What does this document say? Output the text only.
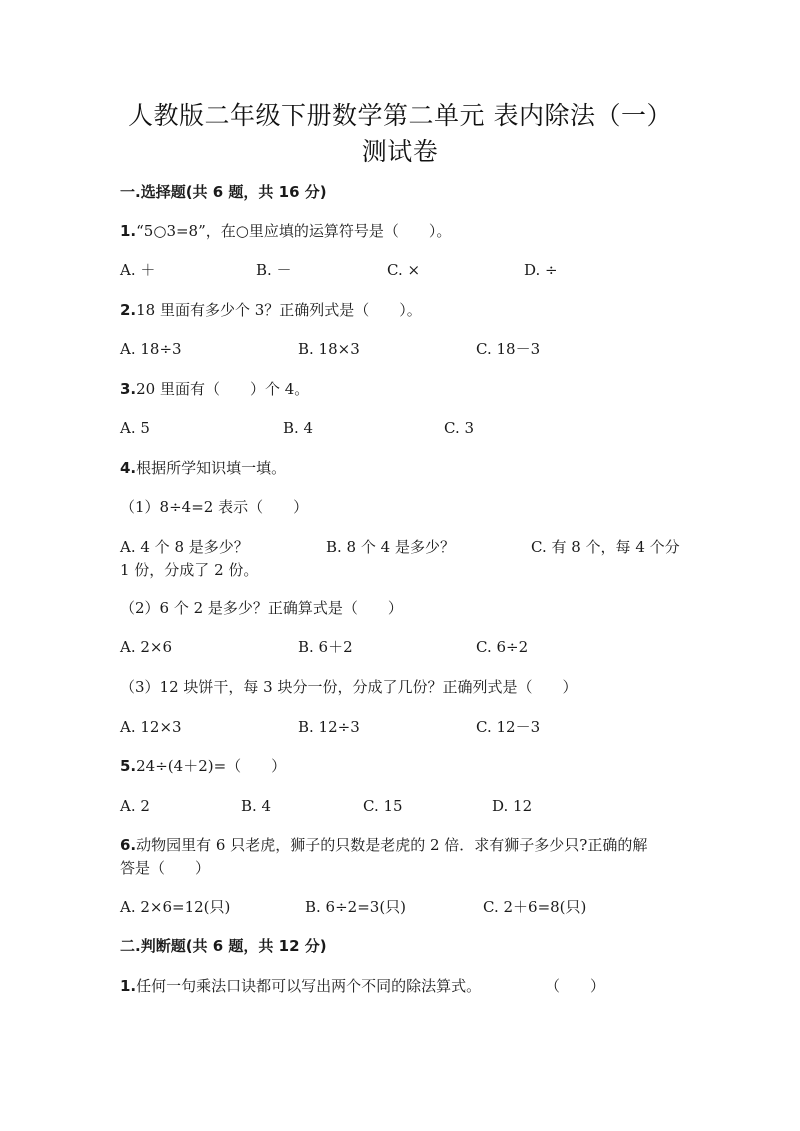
人教版二年级下册数学第二单元 表内除法（一）
测试卷
一.选择题(共 6 题，共 16 分)
1.“5○3=8”，在○里应填的运算符号是（　　）。
A. ＋	B. －	C. ×	D. ÷
2.18 里面有多少个 3？正确列式是（　　）。
A. 18÷3	B. 18×3	C. 18－3
3.20 里面有（　　）个 4。
A. 5	B. 4	C. 3
4.根据所学知识填一填。
（1）8÷4=2 表示（　　）
A. 4 个 8 是多少？	B. 8 个 4 是多少？	C. 有 8 个，每 4 个分
1 份，分成了 2 份。
（2）6 个 2 是多少？正确算式是（　　）
A. 2×6	B. 6＋2	C. 6÷2
（3）12 块饼干，每 3 块分一份，分成了几份？正确列式是（　　）
A. 12×3	B. 12÷3	C. 12－3
5.24÷(4＋2)=（　　）
A. 2	B. 4	C. 15	D. 12
6.动物园里有 6 只老虎，狮子的只数是老虎的 2 倍．求有狮子多少只?正确的解
答是（　　）
A. 2×6=12(只)	B. 6÷2=3(只)	C. 2＋6=8(只)
二.判断题(共 6 题，共 12 分)
1.任何一句乘法口诀都可以写出两个不同的除法算式。	（　　）
